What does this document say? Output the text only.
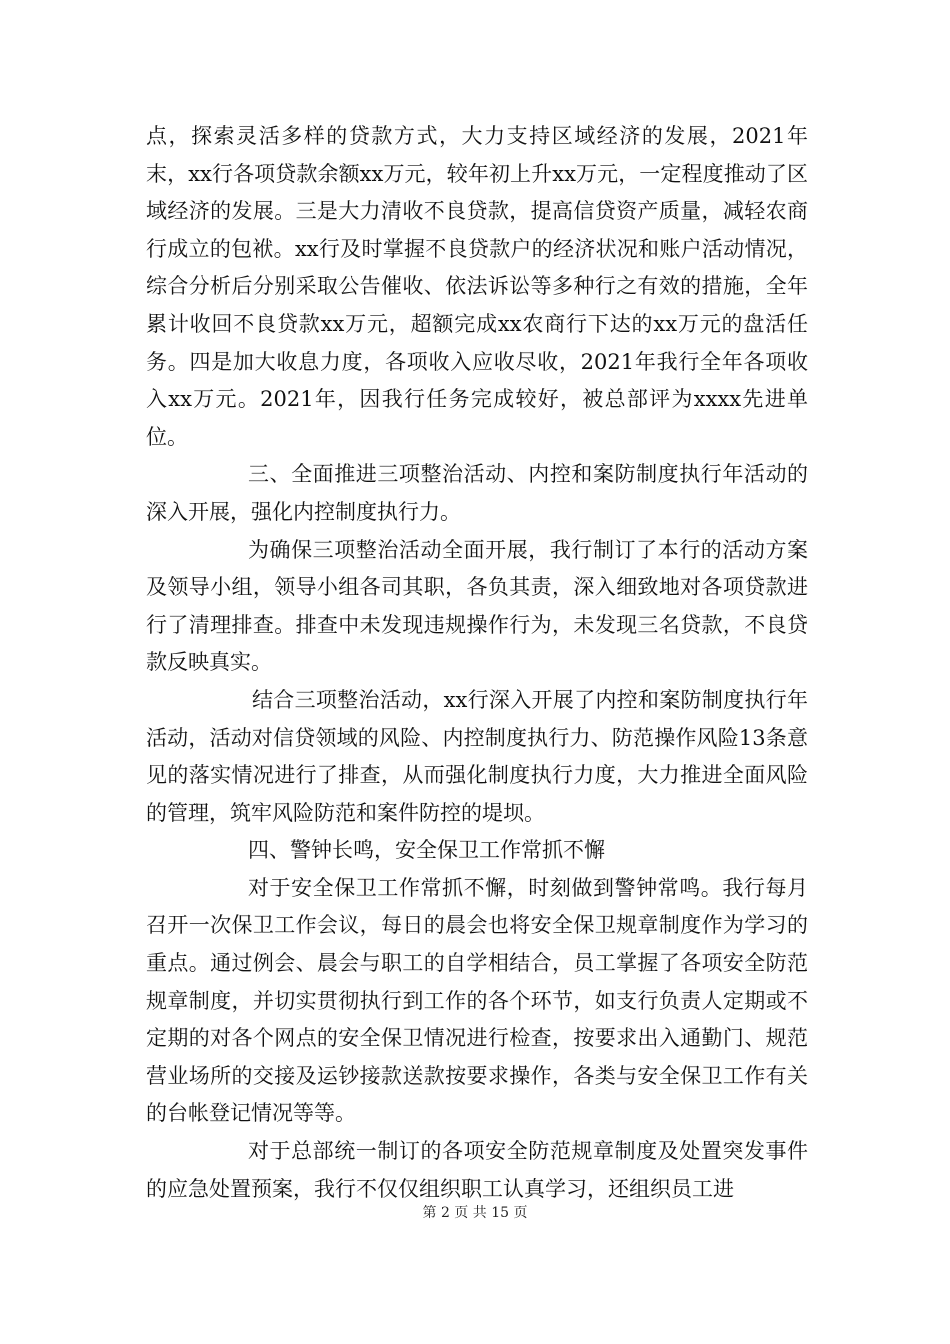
点，探索灵活多样的贷款方式，大力支持区域经济的发展，2021年末，xx行各项贷款余额xx万元，较年初上升xx万元，一定程度推动了区域经济的发展。三是大力清收不良贷款，提高信贷资产质量，减轻农商行成立的包袱。xx行及时掌握不良贷款户的经济状况和账户活动情况，综合分析后分别采取公告催收、依法诉讼等多种行之有效的措施，全年累计收回不良贷款xx万元，超额完成xx农商行下达的xx万元的盘活任务。四是加大收息力度，各项收入应收尽收，2021年我行全年各项收入xx万元。2021年，因我行任务完成较好，被总部评为xxxx先进单位。

三、全面推进三项整治活动、内控和案防制度执行年活动的深入开展，强化内控制度执行力。

为确保三项整治活动全面开展，我行制订了本行的活动方案及领导小组，领导小组各司其职，各负其责，深入细致地对各项贷款进行了清理排查。排查中未发现违规操作行为，未发现三名贷款，不良贷款反映真实。

结合三项整治活动，xx行深入开展了内控和案防制度执行年活动，活动对信贷领域的风险、内控制度执行力、防范操作风险13条意见的落实情况进行了排查，从而强化制度执行力度，大力推进全面风险的管理，筑牢风险防范和案件防控的堤坝。

四、警钟长鸣，安全保卫工作常抓不懈

对于安全保卫工作常抓不懈，时刻做到警钟常鸣。我行每月召开一次保卫工作会议，每日的晨会也将安全保卫规章制度作为学习的重点。通过例会、晨会与职工的自学相结合，员工掌握了各项安全防范规章制度，并切实贯彻执行到工作的各个环节，如支行负责人定期或不定期的对各个网点的安全保卫情况进行检查，按要求出入通勤门、规范营业场所的交接及运钞接款送款按要求操作，各类与安全保卫工作有关的台帐登记情况等等。

对于总部统一制订的各项安全防范规章制度及处置突发事件的应急处置预案，我行不仅仅组织职工认真学习，还组织员工进

第 2 页 共 15 页
